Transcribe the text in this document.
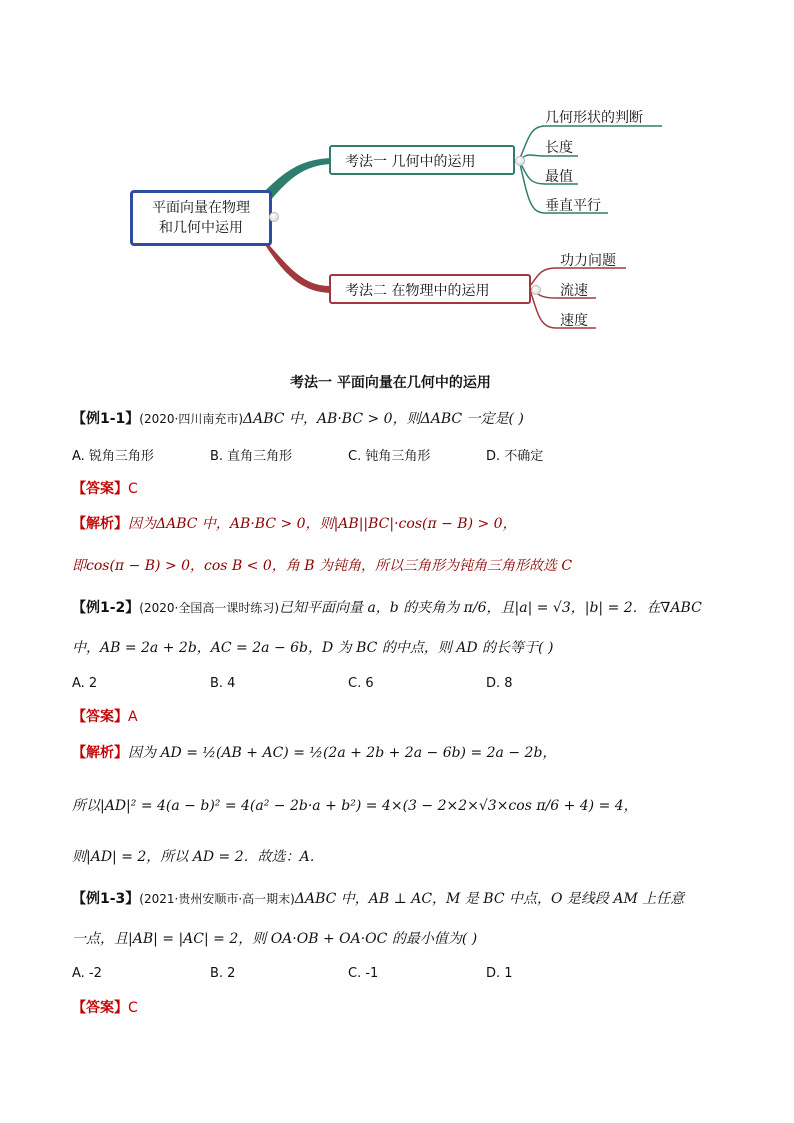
平面向量在物理
和几何中运用
考法一 几何中的运用
几何形状的判断
长度
最值
垂直平行
考法二 在物理中的运用
功力问题
流速
速度
考法一 平面向量在几何中的运用
【例1-1】(2020·四川南充市)ΔABC 中，AB·BC > 0，则ΔABC 一定是( )
A. 锐角三角形	B. 直角三角形	C. 钝角三角形	D. 不确定
【答案】C
【解析】因为ΔABC 中，AB·BC > 0，则|AB||BC|·cos(π − B) > 0，
即cos(π − B) > 0，cos B < 0，角 B 为钝角，所以三角形为钝角三角形故选 C
【例1-2】(2020·全国高一课时练习)已知平面向量 a，b 的夹角为 π/6，且|a| = √3，|b| = 2．在∇ABC
中，AB = 2a + 2b，AC = 2a − 6b，D 为 BC 的中点，则 AD 的长等于( )
A. 2	B. 4	C. 6	D. 8
【答案】A
【解析】因为 AD = ½(AB + AC) = ½(2a + 2b + 2a − 6b) = 2a − 2b，
所以|AD|² = 4(a − b)² = 4(a² − 2b·a + b²) = 4×(3 − 2×2×√3×cos π/6 + 4) = 4，
则|AD| = 2，所以 AD = 2．故选：A．
【例1-3】(2021·贵州安顺市·高一期末)ΔABC 中，AB ⊥ AC，M 是 BC 中点，O 是线段 AM 上任意
一点，且|AB| = |AC| = 2，则 OA·OB + OA·OC 的最小值为( )
A. -2	B. 2	C. -1	D. 1
【答案】C
